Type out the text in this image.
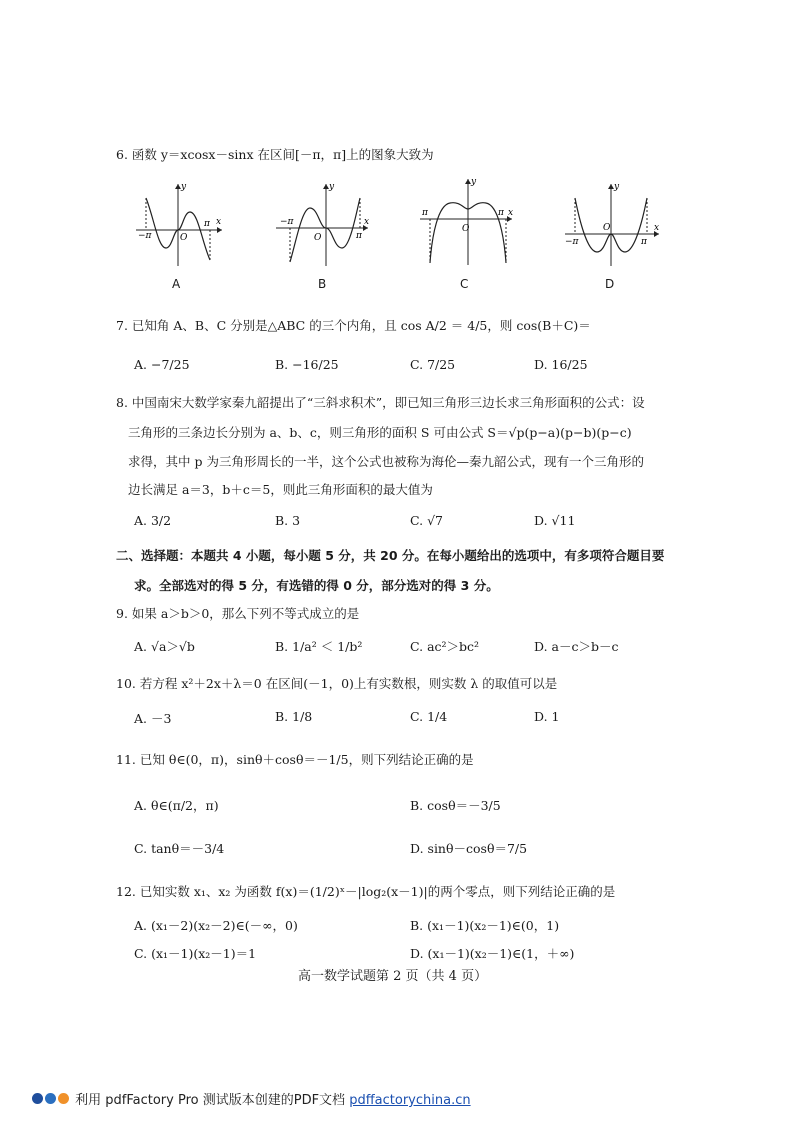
6. 函数 y＝xcosx－sinx 在区间[－π，π]上的图象大致为
−π
π x
y
O
A
−π
π
x
y
O
B
π	π x
y
O
C
−π	π
x
y
O
D
7. 已知角 A、B、C 分别是△ABC 的三个内角，且 cos A/2 ＝ 4/5，则 cos(B＋C)＝
A. −7/25	B. −16/25	C. 7/25	D. 16/25
8. 中国南宋大数学家秦九韶提出了“三斜求积术”，即已知三角形三边长求三角形面积的公式：设
三角形的三条边长分别为 a、b、c，则三角形的面积 S 可由公式 S＝√p(p−a)(p−b)(p−c)
求得，其中 p 为三角形周长的一半，这个公式也被称为海伦—秦九韶公式，现有一个三角形的
边长满足 a＝3，b＋c＝5，则此三角形面积的最大值为
A. 3/2	B. 3	C. √7	D. √11
二、选择题：本题共 4 小题，每小题 5 分，共 20 分。在每小题给出的选项中，有多项符合题目要
求。全部选对的得 5 分，有选错的得 0 分，部分选对的得 3 分。
9. 如果 a＞b＞0，那么下列不等式成立的是
A. √a＞√b	B. 1/a² ＜ 1/b²	C. ac²＞bc²	D. a－c＞b－c
10. 若方程 x²＋2x＋λ＝0 在区间(－1，0)上有实数根，则实数 λ 的取值可以是
A. －3	B. 1/8	C. 1/4	D. 1
11. 已知 θ∈(0，π)，sinθ＋cosθ＝－1/5，则下列结论正确的是
A. θ∈(π/2，π)	B. cosθ＝－3/5
C. tanθ＝－3/4	D. sinθ－cosθ＝7/5
12. 已知实数 x₁、x₂ 为函数 f(x)＝(1/2)ˣ－|log₂(x－1)|的两个零点，则下列结论正确的是
A. (x₁－2)(x₂－2)∈(－∞，0)	B. (x₁－1)(x₂－1)∈(0，1)
C. (x₁－1)(x₂－1)＝1	D. (x₁－1)(x₂－1)∈(1，＋∞)
高一数学试题第 2 页（共 4 页）
利用 pdfFactory Pro 测试版本创建的PDF文档 pdffactorychina.cn
